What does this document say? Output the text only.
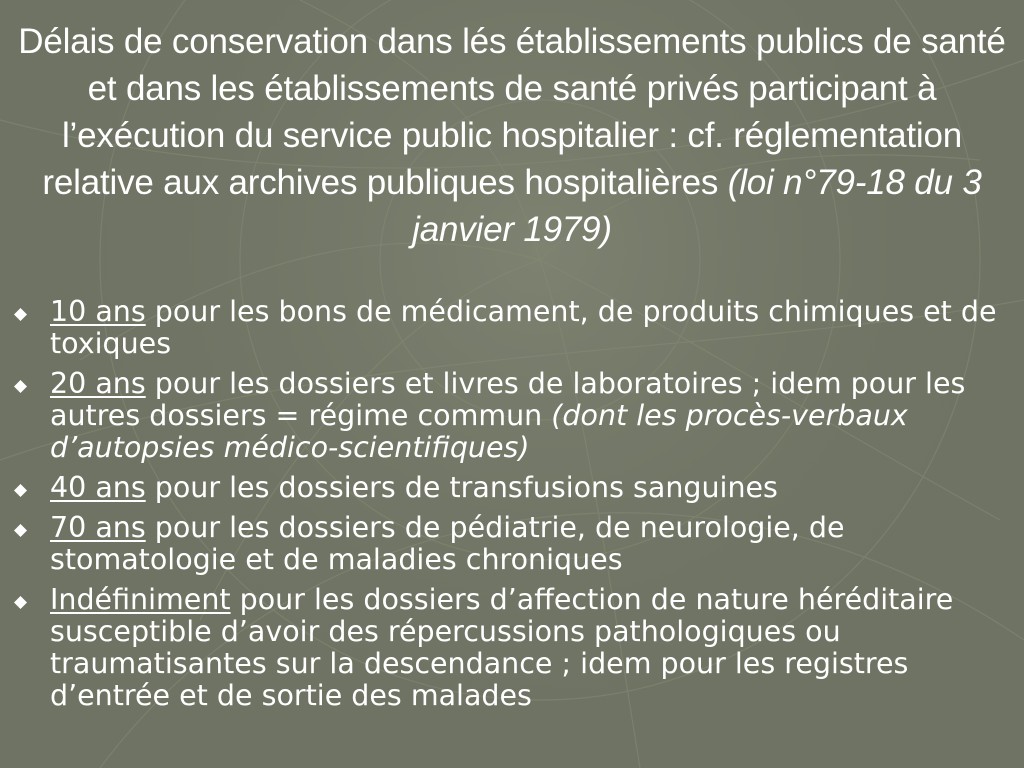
Délais de conservation dans lés établissements publics de santé et dans les établissements de santé privés participant à l’exécution du service public hospitalier : cf. réglementation relative aux archives publiques hospitalières (loi n°79-18 du 3 janvier 1979)
10 ans pour les bons de médicament, de produits chimiques et de toxiques
20 ans pour les dossiers et livres de laboratoires ; idem pour les autres dossiers = régime commun (dont les procès-verbaux d’autopsies médico-scientifiques)
40 ans pour les dossiers de transfusions sanguines
70 ans pour les dossiers de pédiatrie, de neurologie, de stomatologie et de maladies chroniques
Indéfiniment pour les dossiers d’affection de nature héréditaire susceptible d’avoir des répercussions pathologiques ou traumatisantes sur la descendance ; idem pour les registres d’entrée et de sortie des malades
